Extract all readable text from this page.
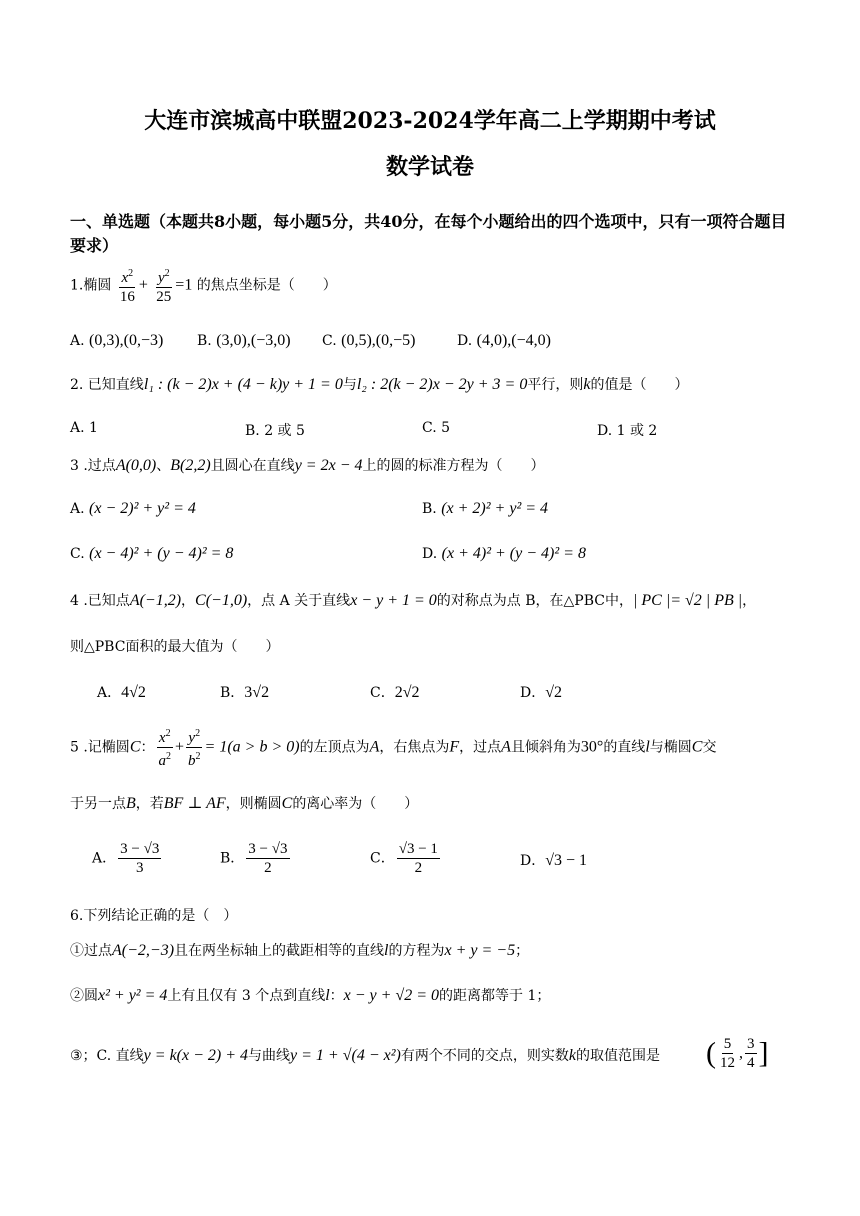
大连市滨城高中联盟2023-2024学年高二上学期期中考试
数学试卷
一、单选题（本题共8小题，每小题5分，共40分，在每个小题给出的四个选项中，只有一项符合题目要求）
1.椭圆 $\frac{x^2}{16} + \frac{y^2}{25} =1$ 的焦点坐标是（　　）
A. (0,3),(0,−3) B. (3,0),(−3,0) C. (0,5),(0,−5)	D. (4,0),(−4,0)
2. 已知直线l₁ : (k − 2)x + (4 − k)y + 1 = 0与l₂ : 2(k − 2)x − 2y + 3 = 0平行，则k的值是（　　）
A. 1	B. 2 或 5	C. 5	D. 1 或 2
3 .过点A(0,0)、B(2,2)且圆心在直线y = 2x − 4上的圆的标准方程为（　　）
A. (x − 2)² + y² = 4	B. (x + 2)² + y² = 4
C. (x − 4)² + (y − 4)² = 8	D. (x + 4)² + (y − 4)² = 8
4 .已知点A(−1,2)，C(−1,0)，点 A 关于直线x − y + 1 = 0的对称点为点 B，在△PBC中，| PC |= √2 | PB |，
则△PBC面积的最大值为（　　）
A．4√2	B．3√2	C．2√2	D．√2
5 .记椭圆C： $\frac{x^2}{a^2} + \frac{y^2}{b^2} = 1(a > b > 0)$的左顶点为A，右焦点为F，过点A且倾斜角为30°的直线l与椭圆C交
于另一点B，若BF ⊥ AF，则椭圆C的离心率为（　　）
A． $\frac{3 - √3}{3}$	B． $\frac{3 - √3}{2}$	C． $\frac{√3 - 1}{2}$	D．√3 − 1
6.下列结论正确的是（　）
①过点A(−2,−3)且在两坐标轴上的截距相等的直线l的方程为x + y = −5；
②圆x² + y² = 4上有且仅有 3 个点到直线l：x − y + √2 = 0的距离都等于 1；
③；C. 直线y = k(x − 2) + 4与曲线y = 1 + √(4 − x²)有两个不同的交点，则实数k的取值范围是 ( $\frac{5}{12}$ , $\frac{3}{4}$ ]
